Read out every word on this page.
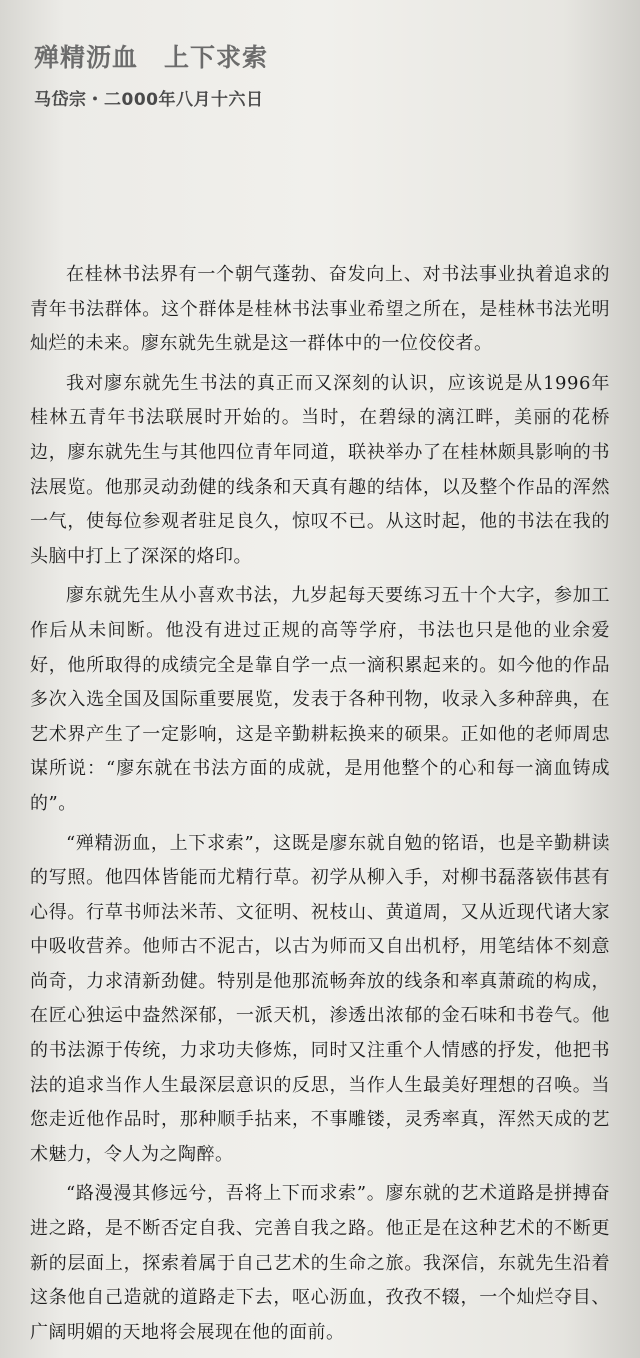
殚精沥血　上下求索
马岱宗・二000年八月十六日

在桂林书法界有一个朝气蓬勃、奋发向上、对书法事业执着追求的青年书法群体。这个群体是桂林书法事业希望之所在，是桂林书法光明灿烂的未来。廖东就先生就是这一群体中的一位佼佼者。

我对廖东就先生书法的真正而又深刻的认识，应该说是从1996年桂林五青年书法联展时开始的。当时，在碧绿的漓江畔，美丽的花桥边，廖东就先生与其他四位青年同道，联袂举办了在桂林颇具影响的书法展览。他那灵动劲健的线条和天真有趣的结体，以及整个作品的浑然一气，使每位参观者驻足良久，惊叹不已。从这时起，他的书法在我的头脑中打上了深深的烙印。

廖东就先生从小喜欢书法，九岁起每天要练习五十个大字，参加工作后从未间断。他没有进过正规的高等学府，书法也只是他的业余爱好，他所取得的成绩完全是靠自学一点一滴积累起来的。如今他的作品多次入选全国及国际重要展览，发表于各种刊物，收录入多种辞典，在艺术界产生了一定影响，这是辛勤耕耘换来的硕果。正如他的老师周忠谋所说：“廖东就在书法方面的成就，是用他整个的心和每一滴血铸成的”。

“殚精沥血，上下求索”，这既是廖东就自勉的铭语，也是辛勤耕读的写照。他四体皆能而尤精行草。初学从柳入手，对柳书磊落嵚伟甚有心得。行草书师法米芾、文征明、祝枝山、黄道周，又从近现代诸大家中吸收营养。他师古不泥古，以古为师而又自出机杼，用笔结体不刻意尚奇，力求清新劲健。特别是他那流畅奔放的线条和率真萧疏的构成，在匠心独运中盎然深郁，一派天机，渗透出浓郁的金石味和书卷气。他的书法源于传统，力求功夫修炼，同时又注重个人情感的抒发，他把书法的追求当作人生最深层意识的反思，当作人生最美好理想的召唤。当您走近他作品时，那种顺手拈来，不事雕镂，灵秀率真，浑然天成的艺术魅力，令人为之陶醉。

“路漫漫其修远兮，吾将上下而求索”。廖东就的艺术道路是拼搏奋进之路，是不断否定自我、完善自我之路。他正是在这种艺术的不断更新的层面上，探索着属于自己艺术的生命之旅。我深信，东就先生沿着这条他自己造就的道路走下去，呕心沥血，孜孜不辍，一个灿烂夺目、广阔明媚的天地将会展现在他的面前。
